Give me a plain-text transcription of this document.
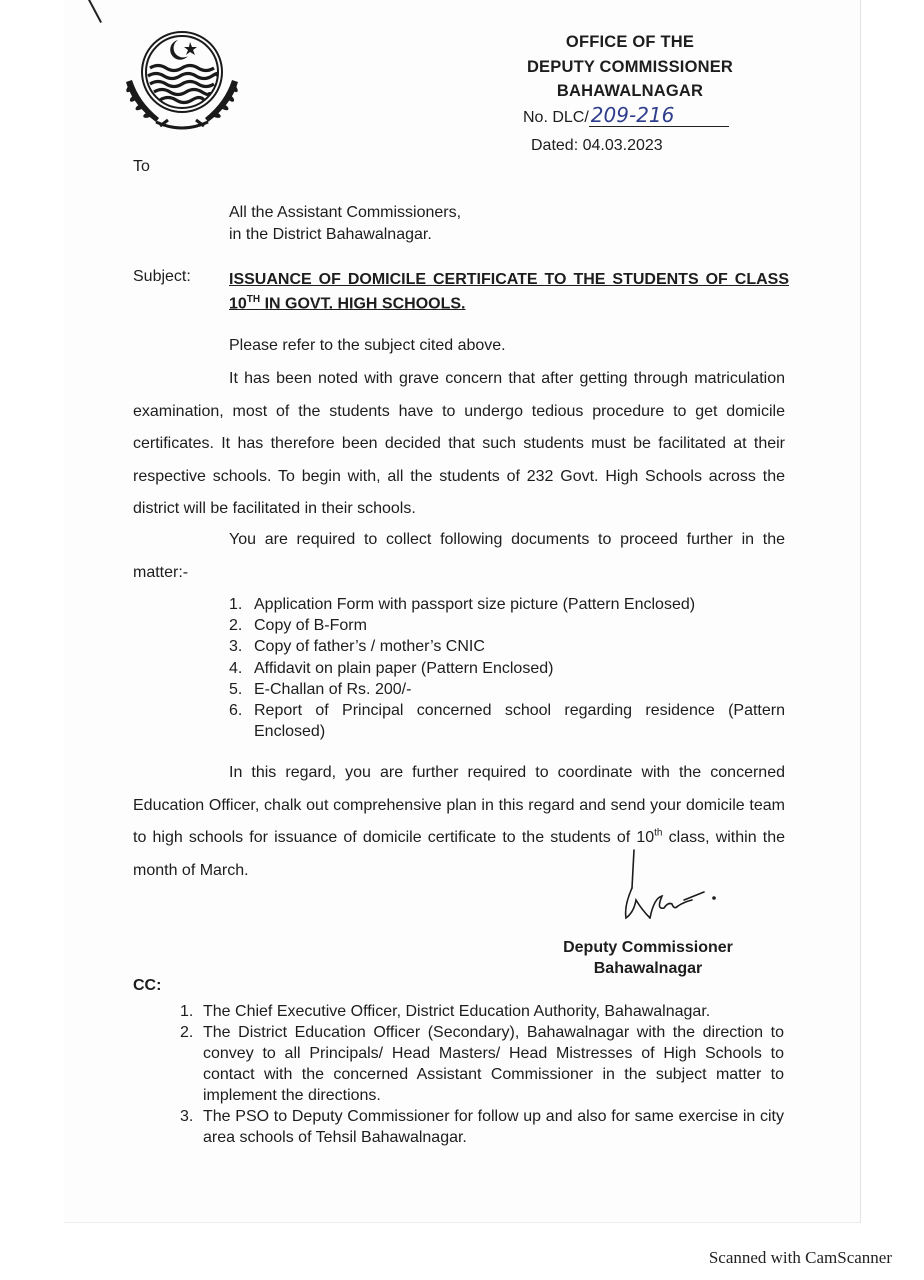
OFFICE OF THE
DEPUTY COMMISSIONER
BAHAWALNAGAR
No. DLC/ 209-216
Dated: 04.03.2023
To
All the Assistant Commissioners,
in the District Bahawalnagar.
Subject: ISSUANCE OF DOMICILE CERTIFICATE TO THE STUDENTS OF CLASS 10TH IN GOVT. HIGH SCHOOLS.
Please refer to the subject cited above.
It has been noted with grave concern that after getting through matriculation examination, most of the students have to undergo tedious procedure to get domicile certificates. It has therefore been decided that such students must be facilitated at their respective schools. To begin with, all the students of 232 Govt. High Schools across the district will be facilitated in their schools.
You are required to collect following documents to proceed further in the matter:-
1. Application Form with passport size picture (Pattern Enclosed)
2. Copy of B-Form
3. Copy of father’s / mother’s CNIC
4. Affidavit on plain paper (Pattern Enclosed)
5. E-Challan of Rs. 200/-
6. Report of Principal concerned school regarding residence (Pattern Enclosed)
In this regard, you are further required to coordinate with the concerned Education Officer, chalk out comprehensive plan in this regard and send your domicile team to high schools for issuance of domicile certificate to the students of 10th class, within the month of March.
Deputy Commissioner
Bahawalnagar
CC:
1. The Chief Executive Officer, District Education Authority, Bahawalnagar.
2. The District Education Officer (Secondary), Bahawalnagar with the direction to convey to all Principals/ Head Masters/ Head Mistresses of High Schools to contact with the concerned Assistant Commissioner in the subject matter to implement the directions.
3. The PSO to Deputy Commissioner for follow up and also for same exercise in city area schools of Tehsil Bahawalnagar.
Scanned with CamScanner
